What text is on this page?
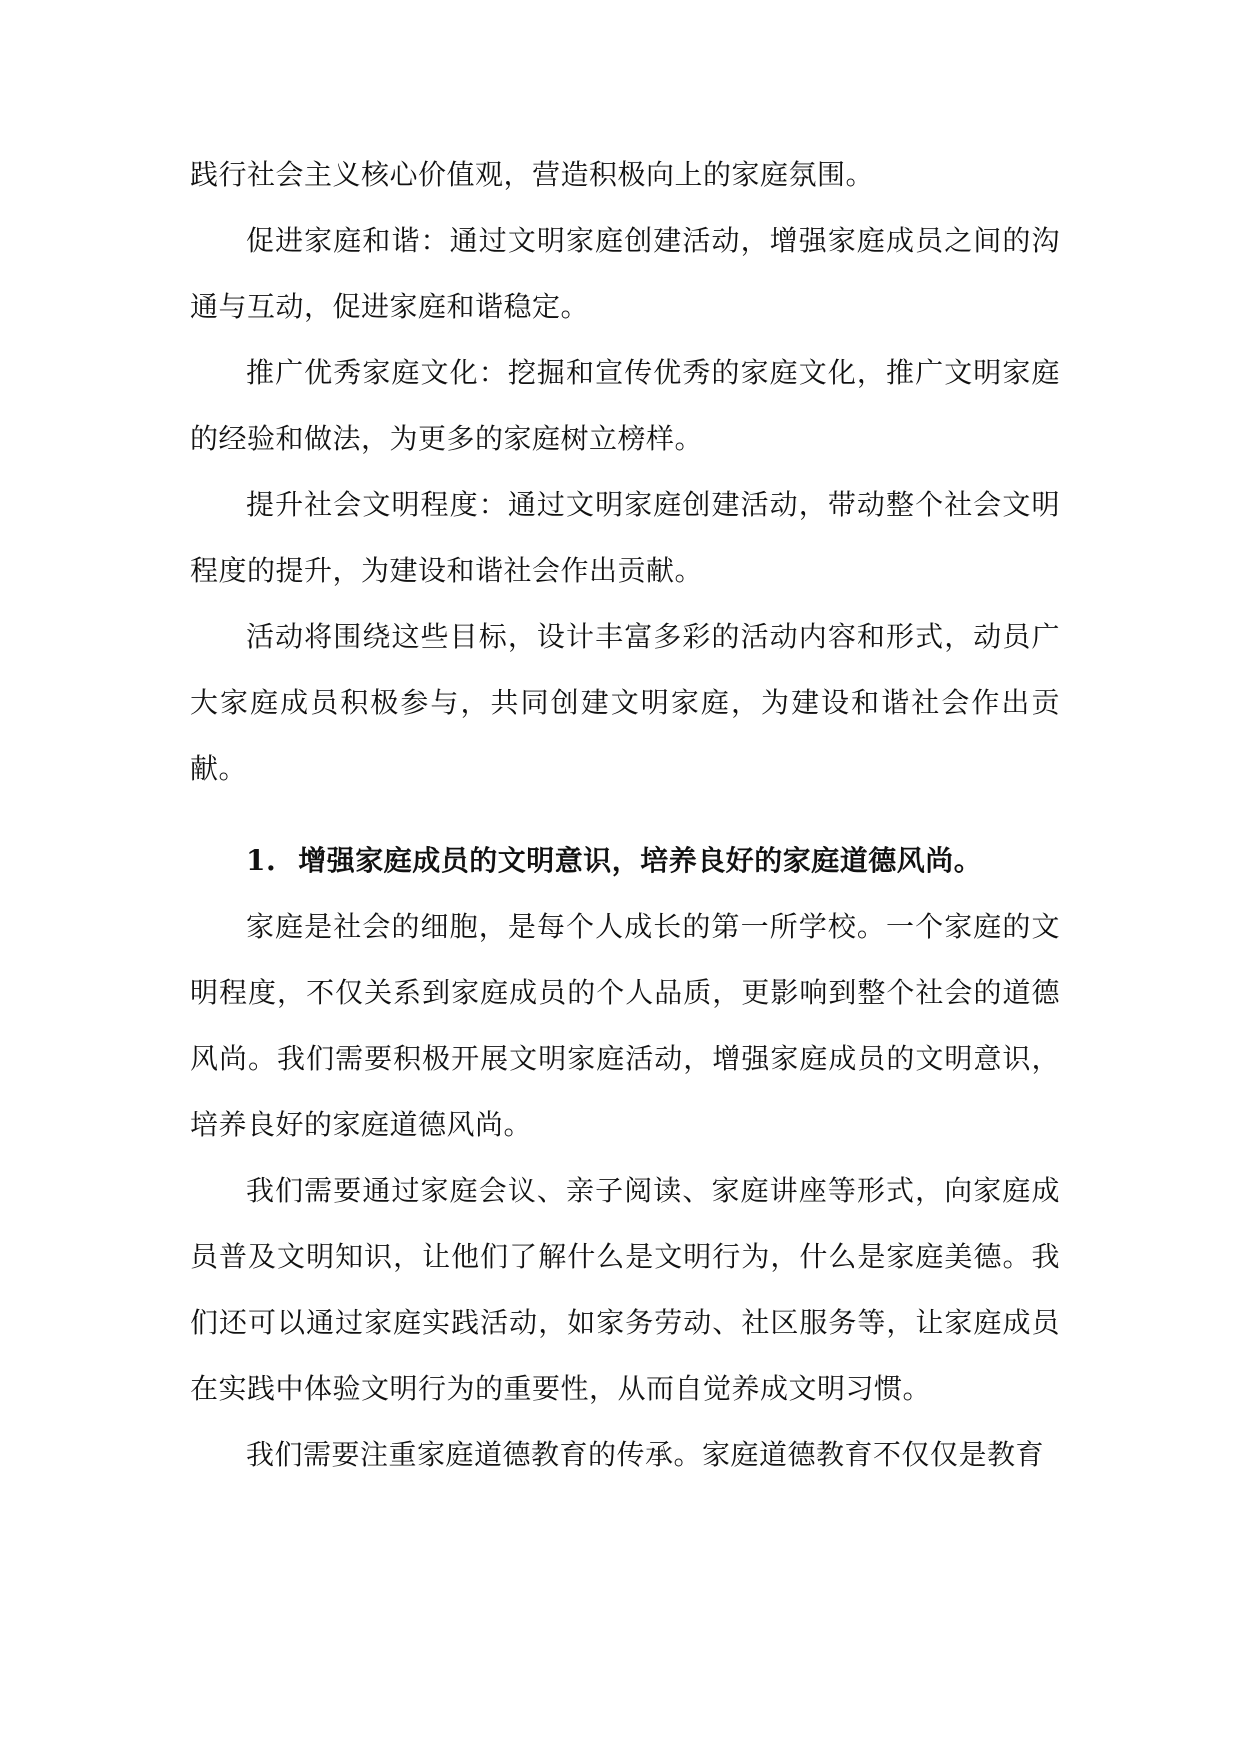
践行社会主义核心价值观，营造积极向上的家庭氛围。

促进家庭和谐：通过文明家庭创建活动，增强家庭成员之间的沟通与互动，促进家庭和谐稳定。

推广优秀家庭文化：挖掘和宣传优秀的家庭文化，推广文明家庭的经验和做法，为更多的家庭树立榜样。

提升社会文明程度：通过文明家庭创建活动，带动整个社会文明程度的提升，为建设和谐社会作出贡献。

活动将围绕这些目标，设计丰富多彩的活动内容和形式，动员广大家庭成员积极参与，共同创建文明家庭，为建设和谐社会作出贡献。

1. 增强家庭成员的文明意识，培养良好的家庭道德风尚。

家庭是社会的细胞，是每个人成长的第一所学校。一个家庭的文明程度，不仅关系到家庭成员的个人品质，更影响到整个社会的道德风尚。我们需要积极开展文明家庭活动，增强家庭成员的文明意识，培养良好的家庭道德风尚。

我们需要通过家庭会议、亲子阅读、家庭讲座等形式，向家庭成员普及文明知识，让他们了解什么是文明行为，什么是家庭美德。我们还可以通过家庭实践活动，如家务劳动、社区服务等，让家庭成员在实践中体验文明行为的重要性，从而自觉养成文明习惯。

我们需要注重家庭道德教育的传承。家庭道德教育不仅仅是教育
